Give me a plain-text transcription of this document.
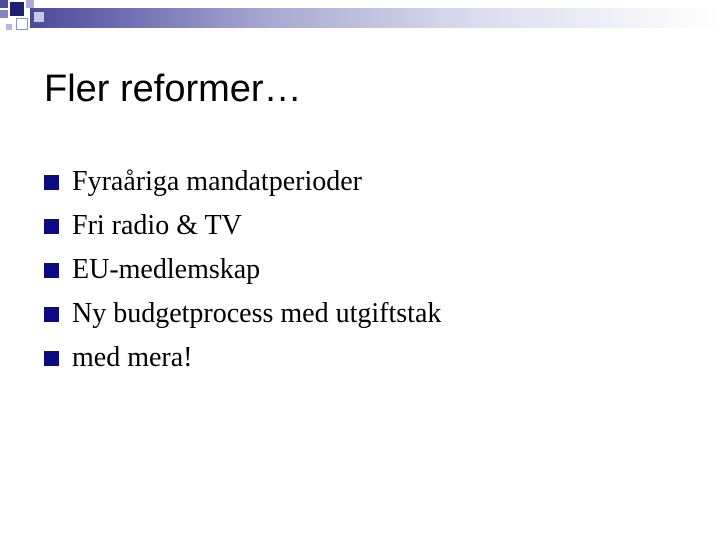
Fler reformer…
Fyraåriga mandatperioder
Fri radio & TV
EU-medlemskap
Ny budgetprocess med utgiftstak
med mera!
